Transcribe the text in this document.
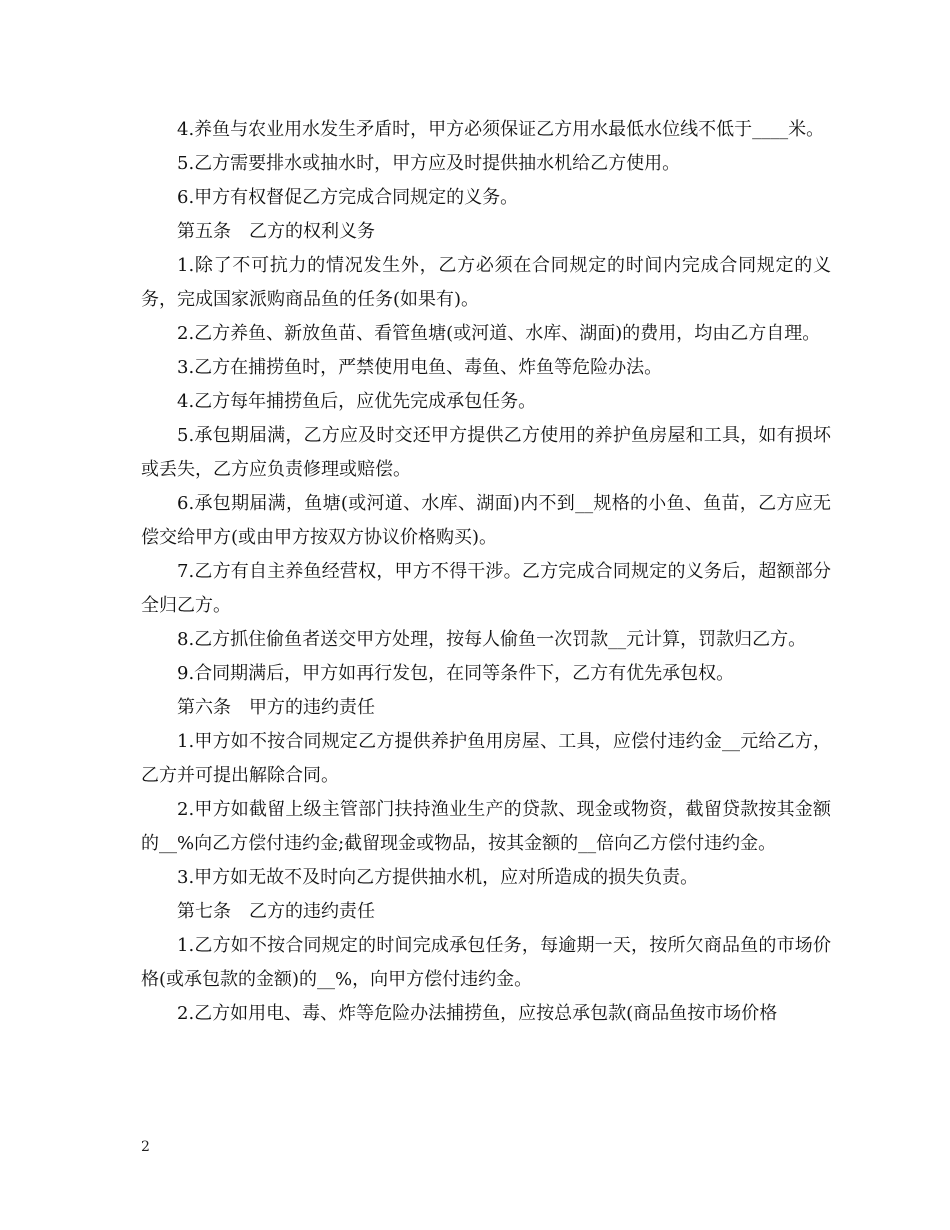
4.养鱼与农业用水发生矛盾时，甲方必须保证乙方用水最低水位线不低于____米。

5.乙方需要排水或抽水时，甲方应及时提供抽水机给乙方使用。

6.甲方有权督促乙方完成合同规定的义务。

第五条　乙方的权利义务

1.除了不可抗力的情况发生外，乙方必须在合同规定的时间内完成合同规定的义务，完成国家派购商品鱼的任务(如果有)。

2.乙方养鱼、新放鱼苗、看管鱼塘(或河道、水库、湖面)的费用，均由乙方自理。

3.乙方在捕捞鱼时，严禁使用电鱼、毒鱼、炸鱼等危险办法。

4.乙方每年捕捞鱼后，应优先完成承包任务。

5.承包期届满，乙方应及时交还甲方提供乙方使用的养护鱼房屋和工具，如有损坏或丢失，乙方应负责修理或赔偿。

6.承包期届满，鱼塘(或河道、水库、湖面)内不到__规格的小鱼、鱼苗，乙方应无偿交给甲方(或由甲方按双方协议价格购买)。

7.乙方有自主养鱼经营权，甲方不得干涉。乙方完成合同规定的义务后，超额部分全归乙方。

8.乙方抓住偷鱼者送交甲方处理，按每人偷鱼一次罚款__元计算，罚款归乙方。

9.合同期满后，甲方如再行发包，在同等条件下，乙方有优先承包权。

第六条　甲方的违约责任

1.甲方如不按合同规定乙方提供养护鱼用房屋、工具，应偿付违约金__元给乙方，乙方并可提出解除合同。

2.甲方如截留上级主管部门扶持渔业生产的贷款、现金或物资，截留贷款按其金额的__%向乙方偿付违约金;截留现金或物品，按其金额的__倍向乙方偿付违约金。

3.甲方如无故不及时向乙方提供抽水机，应对所造成的损失负责。

第七条　乙方的违约责任

1.乙方如不按合同规定的时间完成承包任务，每逾期一天，按所欠商品鱼的市场价格(或承包款的金额)的__%，向甲方偿付违约金。

2.乙方如用电、毒、炸等危险办法捕捞鱼，应按总承包款(商品鱼按市场价格

2
